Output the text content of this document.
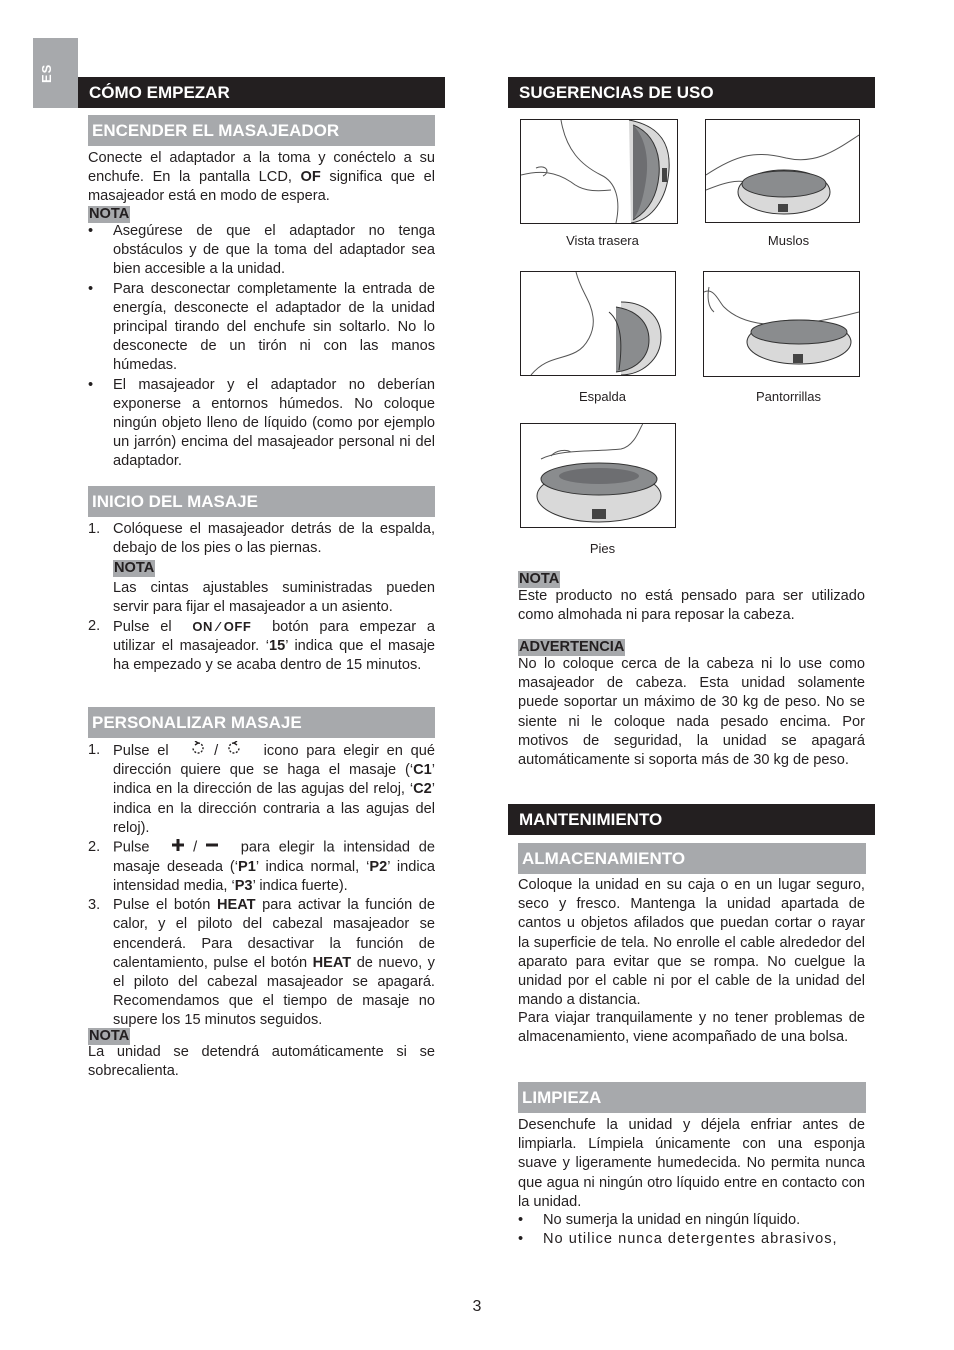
ES
CÓMO EMPEZAR
ENCENDER EL MASAJEADOR
Conecte el adaptador a la toma y conéctelo a su enchufe. En la pantalla LCD, OF significa que el masajeador está en modo de espera.
NOTA
• Asegúrese de que el adaptador no tenga obstáculos y de que la toma del adaptador sea bien accesible a la unidad.
• Para desconectar completamente la entrada de energía, desconecte el adaptador de la unidad principal tirando del enchufe sin soltarlo. No lo desconecte de un tirón ni con las manos húmedas.
• El masajeador y el adaptador no deberían exponerse a entornos húmedos. No coloque ningún objeto lleno de líquido (como por ejemplo un jarrón) encima del masajeador personal ni del adaptador.
INICIO DEL MASAJE
1. Colóquese el masajeador detrás de la espalda, debajo de los pies o las piernas.
NOTA
Las cintas ajustables suministradas pueden servir para fijar el masajeador a un asiento.
2. Pulse el ON ⁄ OFF botón para empezar a utilizar el masajeador. ‘15’ indica que el masaje ha empezado y se acaba dentro de 15 minutos.
PERSONALIZAR MASAJE
1. Pulse el	/	icono para elegir en qué dirección quiere que se haga el masaje (‘C1’ indica en la dirección de las agujas del reloj, ‘C2’ indica en la dirección contraria a las agujas del reloj).
2. Pulse	/	para elegir la intensidad de masaje deseada (‘P1’ indica normal, ‘P2’ indica intensidad media, ‘P3’ indica fuerte).
3. Pulse el botón HEAT para activar la función de calor, y el piloto del cabezal masajeador se encenderá. Para desactivar la función de calentamiento, pulse el botón HEAT de nuevo, y el piloto del cabezal masajeador se apagará. Recomendamos que el tiempo de masaje no supere los 15 minutos seguidos.
NOTA
La unidad se detendrá automáticamente si se sobrecalienta.
SUGERENCIAS DE USO
Vista trasera	Muslos
Espalda	Pantorrillas
Pies
NOTA
Este producto no está pensado para ser utilizado como almohada ni para reposar la cabeza.
ADVERTENCIA
No lo coloque cerca de la cabeza ni lo use como masajeador de cabeza. Esta unidad solamente puede soportar un máximo de 30 kg de peso. No se siente ni le coloque nada pesado encima. Por motivos de seguridad, la unidad se apagará automáticamente si soporta más de 30 kg de peso.
MANTENIMIENTO
ALMACENAMIENTO
Coloque la unidad en su caja o en un lugar seguro, seco y fresco. Mantenga la unidad apartada de cantos u objetos afilados que puedan cortar o rayar la superficie de tela. No enrolle el cable alrededor del aparato para evitar que se rompa. No cuelgue la unidad por el cable ni por el cable de la unidad del mando a distancia.
Para viajar tranquilamente y no tener problemas de almacenamiento, viene acompañado de una bolsa.
LIMPIEZA
Desenchufe la unidad y déjela enfriar antes de limpiarla. Límpiela únicamente con una esponja suave y ligeramente humedecida. No permita nunca que agua ni ningún otro líquido entre en contacto con la unidad.
• No sumerja la unidad en ningún líquido.
• No utilice nunca detergentes abrasivos,
3
